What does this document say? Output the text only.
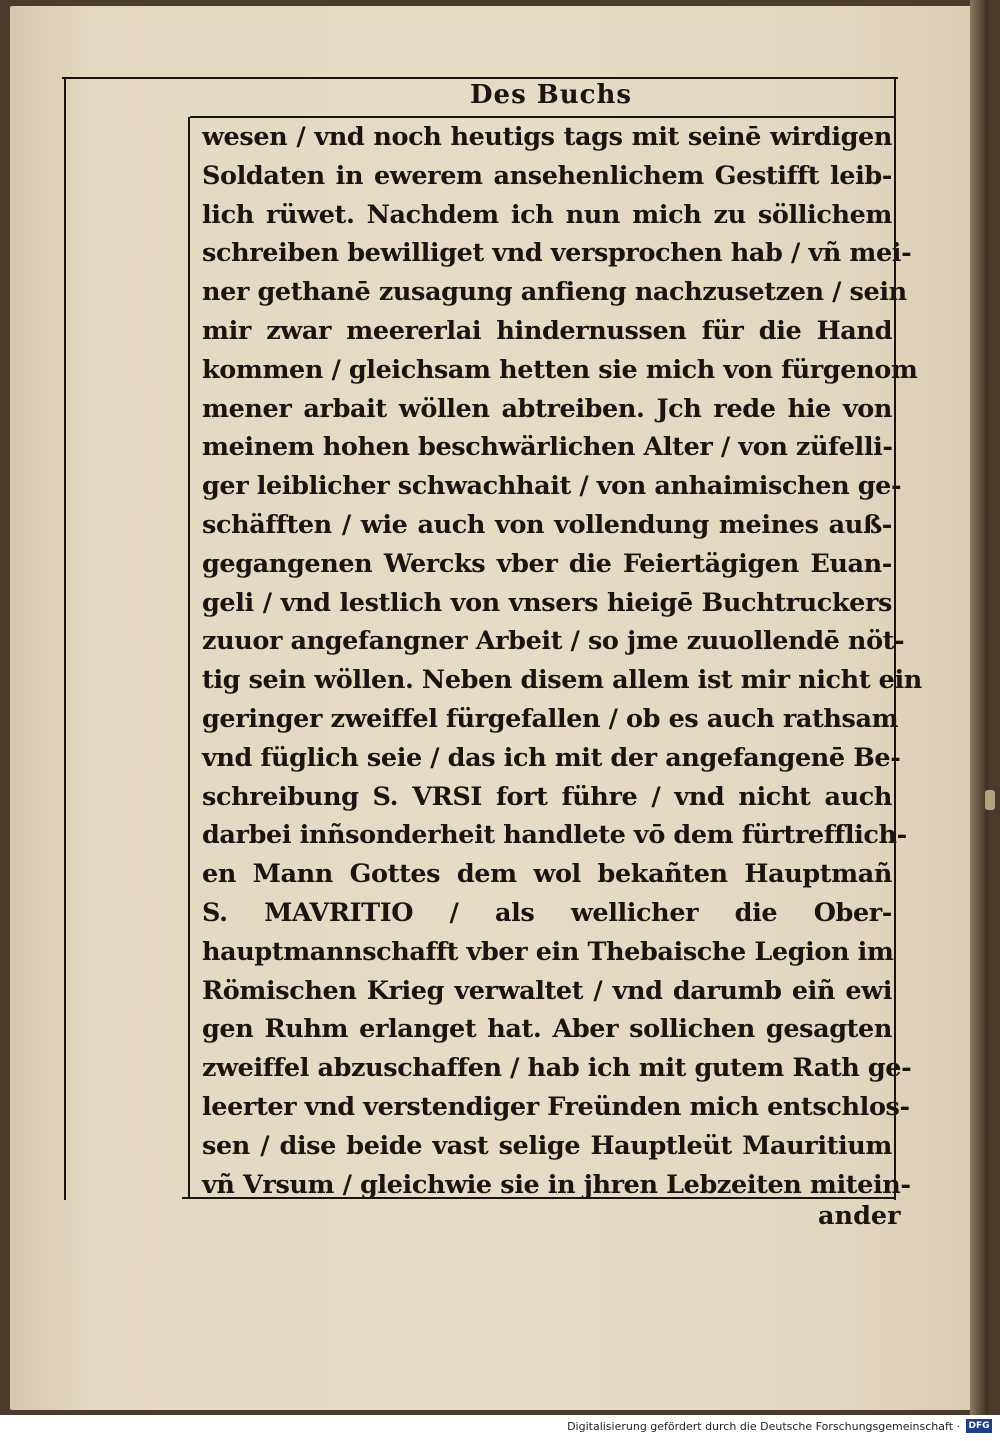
Des Buchs
wesen / vnd noch heutigs tags mit seinē wirdigen
Soldaten in ewerem ansehenlichem Gestifft leib-
lich rüwet. Nachdem ich nun mich zu söllichem
schreiben bewilliget vnd versprochen hab / vñ mei-
ner gethanē zusagung anfieng nachzusetzen / sein
mir zwar meererlai hindernussen für die Hand
kommen / gleichsam hetten sie mich von fürgenom
mener arbait wöllen abtreiben. Jch rede hie von
meinem hohen beschwärlichen Alter / von züfelli-
ger leiblicher schwachhait / von anhaimischen ge-
schäfften / wie auch von vollendung meines auß-
gegangenen Wercks vber die Feiertägigen Euan-
geli / vnd lestlich von vnsers hieigē Buchtruckers
zuuor angefangner Arbeit / so jme zuuollendē nöt-
tig sein wöllen. Neben disem allem ist mir nicht ein
geringer zweiffel fürgefallen / ob es auch rathsam
vnd füglich seie / das ich mit der angefangenē Be-
schreibung S. VRSI fort führe / vnd nicht auch
darbei inñsonderheit handlete vō dem fürtrefflich-
en Mann Gottes dem wol bekañten Hauptmañ
S. MAVRITIO / als wellicher die Ober-
hauptmannschafft vber ein Thebaische Legion im
Römischen Krieg verwaltet / vnd darumb eiñ ewi
gen Ruhm erlanget hat. Aber sollichen gesagten
zweiffel abzuschaffen / hab ich mit gutem Rath ge-
leerter vnd verstendiger Freünden mich entschlos-
sen / dise beide vast selige Hauptleüt Mauritium
vñ Vrsum / gleichwie sie in jhren Lebzeiten mitein-
ander
Digitalisierung gefördert durch die Deutsche Forschungsgemeinschaft · DFG
